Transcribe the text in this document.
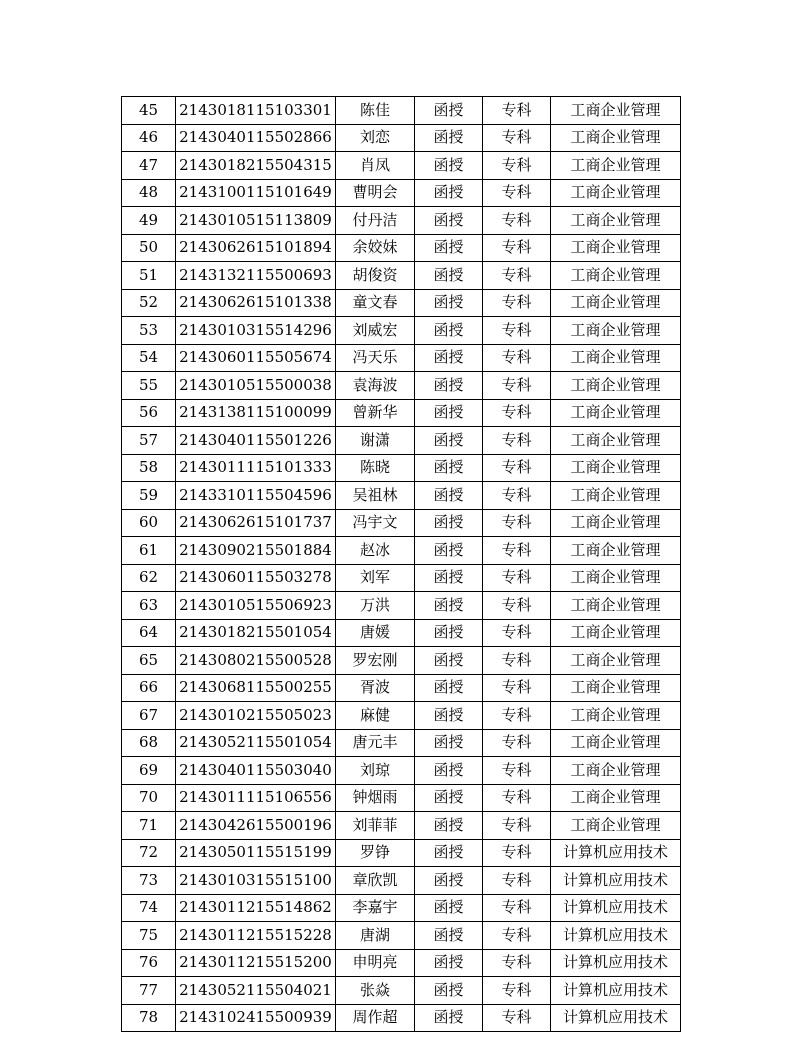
45	2143018115103301	陈佳	函授	专科	工商企业管理
46	2143040115502866	刘恋	函授	专科	工商企业管理
47	2143018215504315	肖凤	函授	专科	工商企业管理
48	2143100115101649	曹明会	函授	专科	工商企业管理
49	2143010515113809	付丹洁	函授	专科	工商企业管理
50	2143062615101894	余姣妹	函授	专科	工商企业管理
51	2143132115500693	胡俊资	函授	专科	工商企业管理
52	2143062615101338	童文春	函授	专科	工商企业管理
53	2143010315514296	刘威宏	函授	专科	工商企业管理
54	2143060115505674	冯天乐	函授	专科	工商企业管理
55	2143010515500038	袁海波	函授	专科	工商企业管理
56	2143138115100099	曾新华	函授	专科	工商企业管理
57	2143040115501226	谢潇	函授	专科	工商企业管理
58	2143011115101333	陈晓	函授	专科	工商企业管理
59	2143310115504596	吴祖林	函授	专科	工商企业管理
60	2143062615101737	冯宇文	函授	专科	工商企业管理
61	2143090215501884	赵冰	函授	专科	工商企业管理
62	2143060115503278	刘军	函授	专科	工商企业管理
63	2143010515506923	万洪	函授	专科	工商企业管理
64	2143018215501054	唐媛	函授	专科	工商企业管理
65	2143080215500528	罗宏刚	函授	专科	工商企业管理
66	2143068115500255	胥波	函授	专科	工商企业管理
67	2143010215505023	麻健	函授	专科	工商企业管理
68	2143052115501054	唐元丰	函授	专科	工商企业管理
69	2143040115503040	刘琼	函授	专科	工商企业管理
70	2143011115106556	钟烟雨	函授	专科	工商企业管理
71	2143042615500196	刘菲菲	函授	专科	工商企业管理
72	2143050115515199	罗铮	函授	专科	计算机应用技术
73	2143010315515100	章欣凯	函授	专科	计算机应用技术
74	2143011215514862	李嘉宇	函授	专科	计算机应用技术
75	2143011215515228	唐湖	函授	专科	计算机应用技术
76	2143011215515200	申明亮	函授	专科	计算机应用技术
77	2143052115504021	张焱	函授	专科	计算机应用技术
78	2143102415500939	周作超	函授	专科	计算机应用技术
